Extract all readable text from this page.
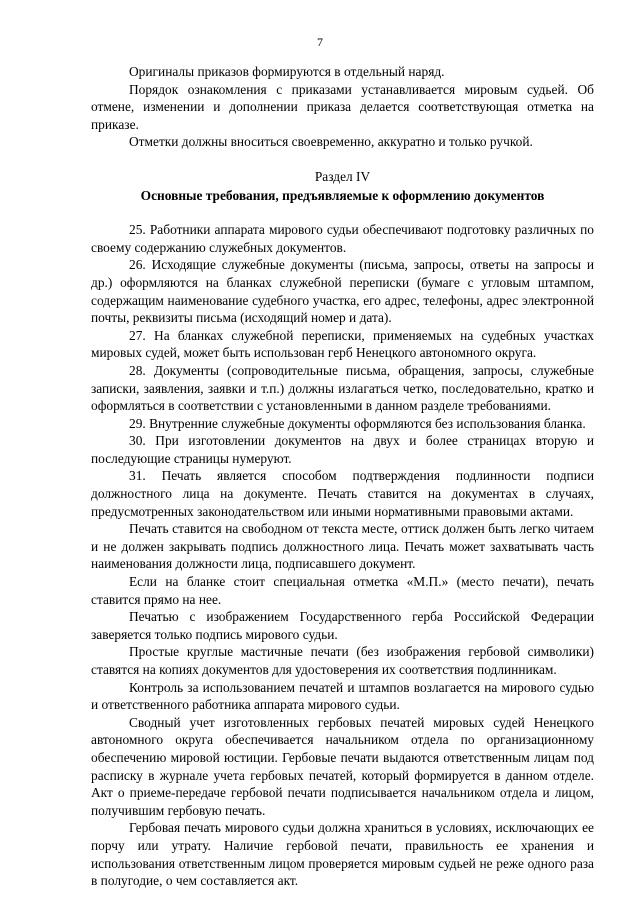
7

Оригиналы приказов формируются в отдельный наряд.

Порядок ознакомления с приказами устанавливается мировым судьей. Об отмене, изменении и дополнении приказа делается соответствующая отметка на приказе.

Отметки должны вноситься своевременно, аккуратно и только ручкой.

Раздел IV
Основные требования, предъявляемые к оформлению документов

25. Работники аппарата мирового судьи обеспечивают подготовку различных по своему содержанию служебных документов.

26. Исходящие служебные документы (письма, запросы, ответы на запросы и др.) оформляются на бланках служебной переписки (бумаге с угловым штампом, содержащим наименование судебного участка, его адрес, телефоны, адрес электронной почты, реквизиты письма (исходящий номер и дата).

27. На бланках служебной переписки, применяемых на судебных участках мировых судей, может быть использован герб Ненецкого автономного округа.

28. Документы (сопроводительные письма, обращения, запросы, служебные записки, заявления, заявки и т.п.) должны излагаться четко, последовательно, кратко и оформляться в соответствии с установленными в данном разделе требованиями.

29. Внутренние служебные документы оформляются без использования бланка.

30. При изготовлении документов на двух и более страницах вторую и последующие страницы нумеруют.

31. Печать является способом подтверждения подлинности подписи должностного лица на документе. Печать ставится на документах в случаях, предусмотренных законодательством или иными нормативными правовыми актами.

Печать ставится на свободном от текста месте, оттиск должен быть легко читаем и не должен закрывать подпись должностного лица. Печать может захватывать часть наименования должности лица, подписавшего документ.

Если на бланке стоит специальная отметка «М.П.» (место печати), печать ставится прямо на нее.

Печатью с изображением Государственного герба Российской Федерации заверяется только подпись мирового судьи.

Простые круглые мастичные печати (без изображения гербовой символики) ставятся на копиях документов для удостоверения их соответствия подлинникам.

Контроль за использованием печатей и штампов возлагается на мирового судью и ответственного работника аппарата мирового судьи.

Сводный учет изготовленных гербовых печатей мировых судей Ненецкого автономного округа обеспечивается начальником отдела по организационному обеспечению мировой юстиции. Гербовые печати выдаются ответственным лицам под расписку в журнале учета гербовых печатей, который формируется в данном отделе. Акт о приеме-передаче гербовой печати подписывается начальником отдела и лицом, получившим гербовую печать.

Гербовая печать мирового судьи должна храниться в условиях, исключающих ее порчу или утрату. Наличие гербовой печати, правильность ее хранения и использования ответственным лицом проверяется мировым судьей не реже одного раза в полугодие, о чем составляется акт.
